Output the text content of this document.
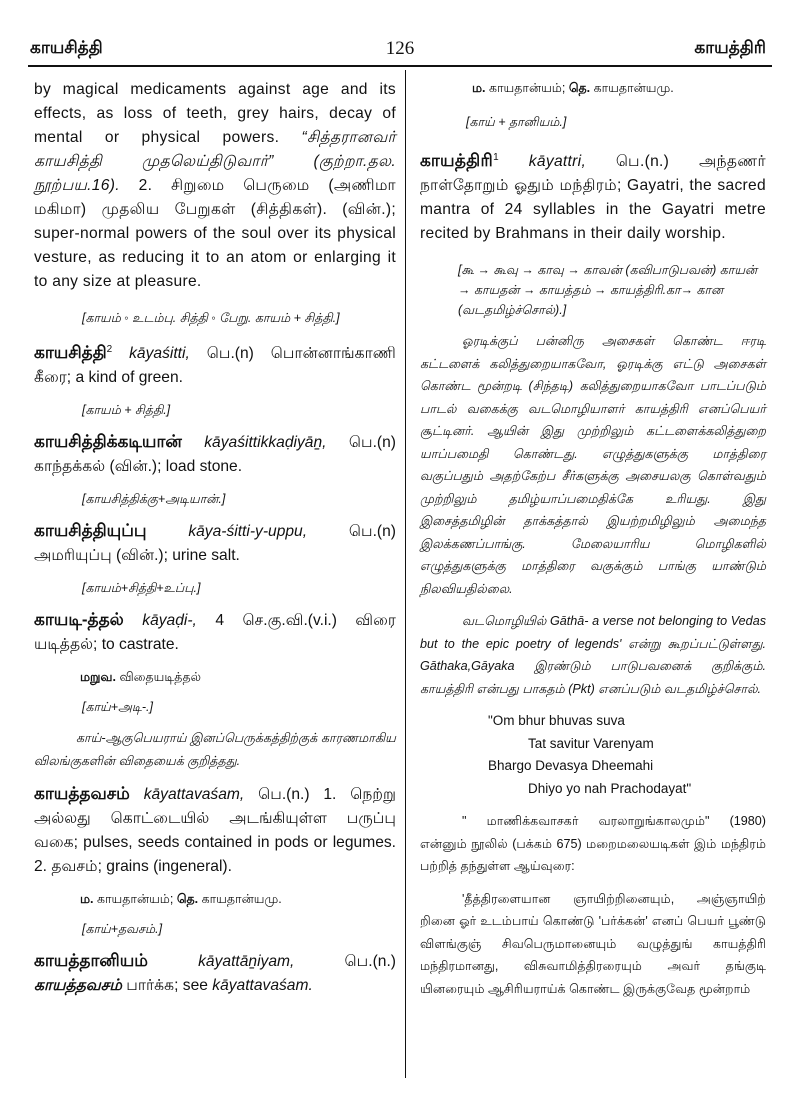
126
காயசித்தி	காயத்திரி

by magical medicaments against age and its effects, as loss of teeth, grey hairs, decay of mental or physical powers. “சித்தரானவர் காயசித்தி முதலெய்திடுவார்”	(குற்றா.தல. நூற்பய.16). 2. சிறுமை பெருமை (அணிமா மகிமா) முதலிய பேறுகள் (சித்திகள்). (வின்.); super-normal powers of the soul over its physical vesture, as reducing it to an atom or enlarging it to any size at pleasure.

[காயம் ◦ உடம்பு. சித்தி ◦ பேறு. காயம் + சித்தி.]

காயசித்தி$^2$ kāyaśitti, பெ.(n) பொன்னாங்காணி கீரை; a kind of green.

[காயம் + சித்தி.]

காயசித்திக்கடியான் kāyaśittikkaḍiyāṉ, பெ.(n) காந்தக்கல் (வின்.); load stone.

[காயசித்திக்கு+அடியான்.]

காயசித்தியுப்பு	kāya-śitti-y-uppu,	பெ.(n) அமரியுப்பு (வின்.); urine salt.

[காயம்+சித்தி+உப்பு.]

காயடி-த்தல் kāyaḍi-, 4 செ.கு.வி.(v.i.) விரை யடித்தல்; to castrate.

மறுவ. விதையடித்தல்

[காய்+அடி-.]

காய்-ஆகுபெயராய் இனப்பெருக்கத்திற்குக் காரணமாகிய விலங்குகளின் விதையைக் குறித்தது.

காயத்தவசம் kāyattavaśam, பெ.(n.) 1. நெற்று அல்லது கொட்டையில் அடங்கியுள்ள பருப்பு வகை; pulses, seeds contained in pods or legumes. 2. தவசம்; grains (ingeneral).

ம. காயதான்யம்; தெ. காயதான்யமு.

[காய்+தவசம்.]

காயத்தானியம்	kāyattāṉiyam,	பெ.(n.) காயத்தவசம் பார்க்க; see kāyattavaśam.

ம. காயதான்யம்; தெ. காயதான்யமு.

[காய் + தானியம்.]

காயத்திரி$^1$ kāyattri, பெ.(n.) அந்தணர் நாள்தோறும் ஓதும் மந்திரம்; Gayatri, the sacred mantra of 24 syllables in the Gayatri metre recited by Brahmans in their daily worship.

[கூ → கூவு → காவு → காவன் (கவிபாடுபவன்) காயன் → காயதன் → காயத்தம் → காயத்திரி.கா→ கான (வடதமிழ்ச்சொல்).]

ஓரடிக்குப் பன்னிரு அசைகள் கொண்ட ஈரடி கட்டளைக் கலித்துறையாகவோ, ஓரடிக்கு எட்டு அசைகள் கொண்ட மூன்றடி (சிந்தடி) கலித்துறையாகவோ பாடப்படும் பாடல் வகைக்கு வடமொழியாளர் காயத்திரி எனப்பெயர் சூட்டினர். ஆயின் இது முற்றிலும் கட்டளைக்கலித்துறை யாப்பமைதி கொண்டது. எழுத்துகளுக்கு மாத்திரை வகுப்பதும் அதற்கேற்ப சீர்களுக்கு அசையலகு கொள்வதும் முற்றிலும் தமிழ்யாப்பமைதிக்கே உரியது. இது இசைத்தமிழின் தாக்கத்தால் இயற்றமிழிலும் அமைந்த இலக்கணப்பாங்கு. மேலையாரிய மொழிகளில் எழுத்துகளுக்கு மாத்திரை வகுக்கும் பாங்கு யாண்டும் நிலவியதில்லை.

வடமொழியில் Gāthā- a verse not belonging to Vedas but to the epic poetry of legends' என்று கூறப்பட்டுள்ளது. Gāthaka,Gāyaka இரண்டும் பாடுபவனைக் குறிக்கும். காயத்திரி என்பது பாகதம் (Pkt) எனப்படும் வடதமிழ்ச்சொல்.

"Om bhur bhuvas suva
Tat savitur Varenyam
Bhargo Devasya Dheemahi
Dhiyo yo nah Prachodayat"

" மாணிக்கவாசகர் வரலாறுங்காலமும்" (1980) என்னும் நூலில் (பக்கம் 675) மறைமலையடிகள் இம் மந்திரம் பற்றித் தந்துள்ள ஆய்வுரை:

'தீத்திரளையான ஞாயிற்றினையும், அஞ்ஞாயிற் றினை ஓர் உடம்பாய் கொண்டு 'பர்க்கன்' எனப் பெயர் பூண்டு விளங்குஞ் சிவபெருமானையும் வழுத்துங் காயத்திரி மந்திரமானது, விசுவாமித்திரரையும் அவர் தங்குடி யினரையும் ஆசிரியராய்க் கொண்ட இருக்குவேத மூன்றாம்
